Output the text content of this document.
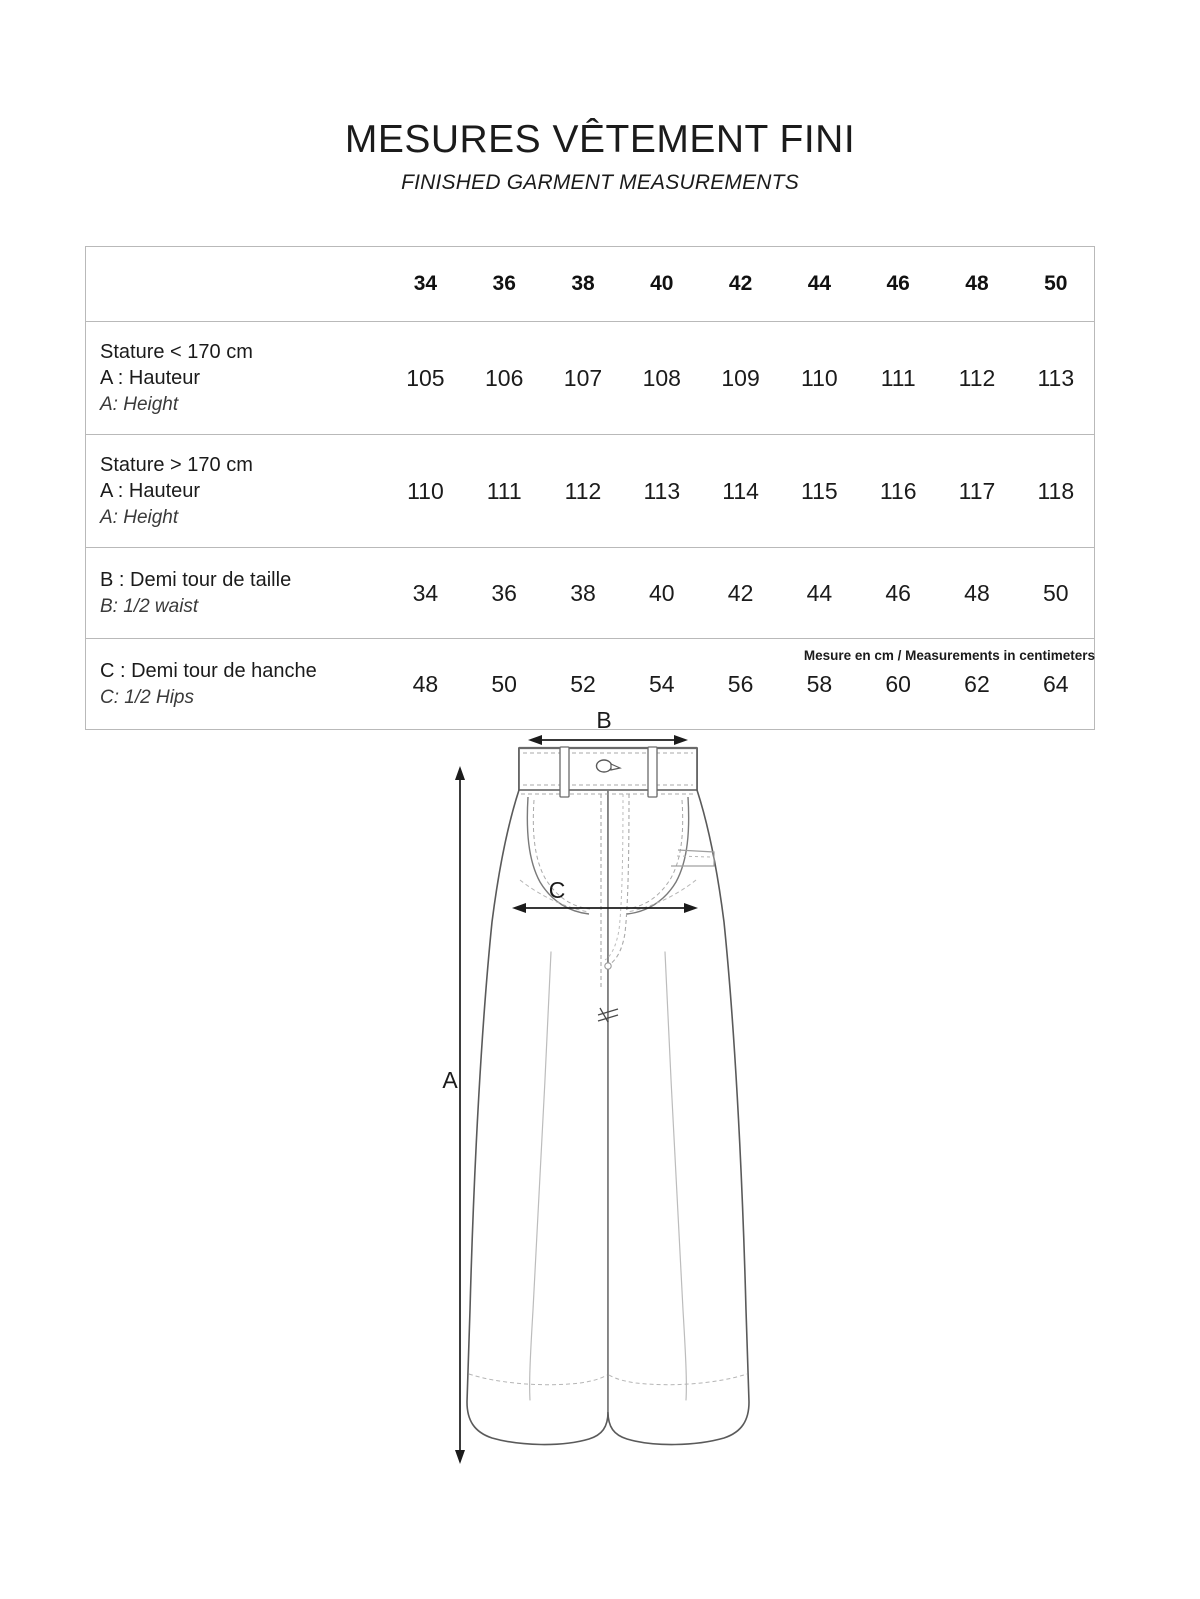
MESURES VÊTEMENT FINI
FINISHED GARMENT MEASUREMENTS
	34	36	38	40	42	44	46	48	50

Stature < 170 cm
A : Hauteur
A: Height	105	106	107	108	109	110	111	112	113

Stature > 170 cm
A : Hauteur
A: Height	110	111	112	113	114	115	116	117	118

B : Demi tour de taille
B: 1/2 waist	34	36	38	40	42	44	46	48	50

C : Demi tour de hanche
C: 1/2 Hips	48	50	52	54	56	58	60	62	64
Mesure en cm / Measurements in centimeters
A
B
C
